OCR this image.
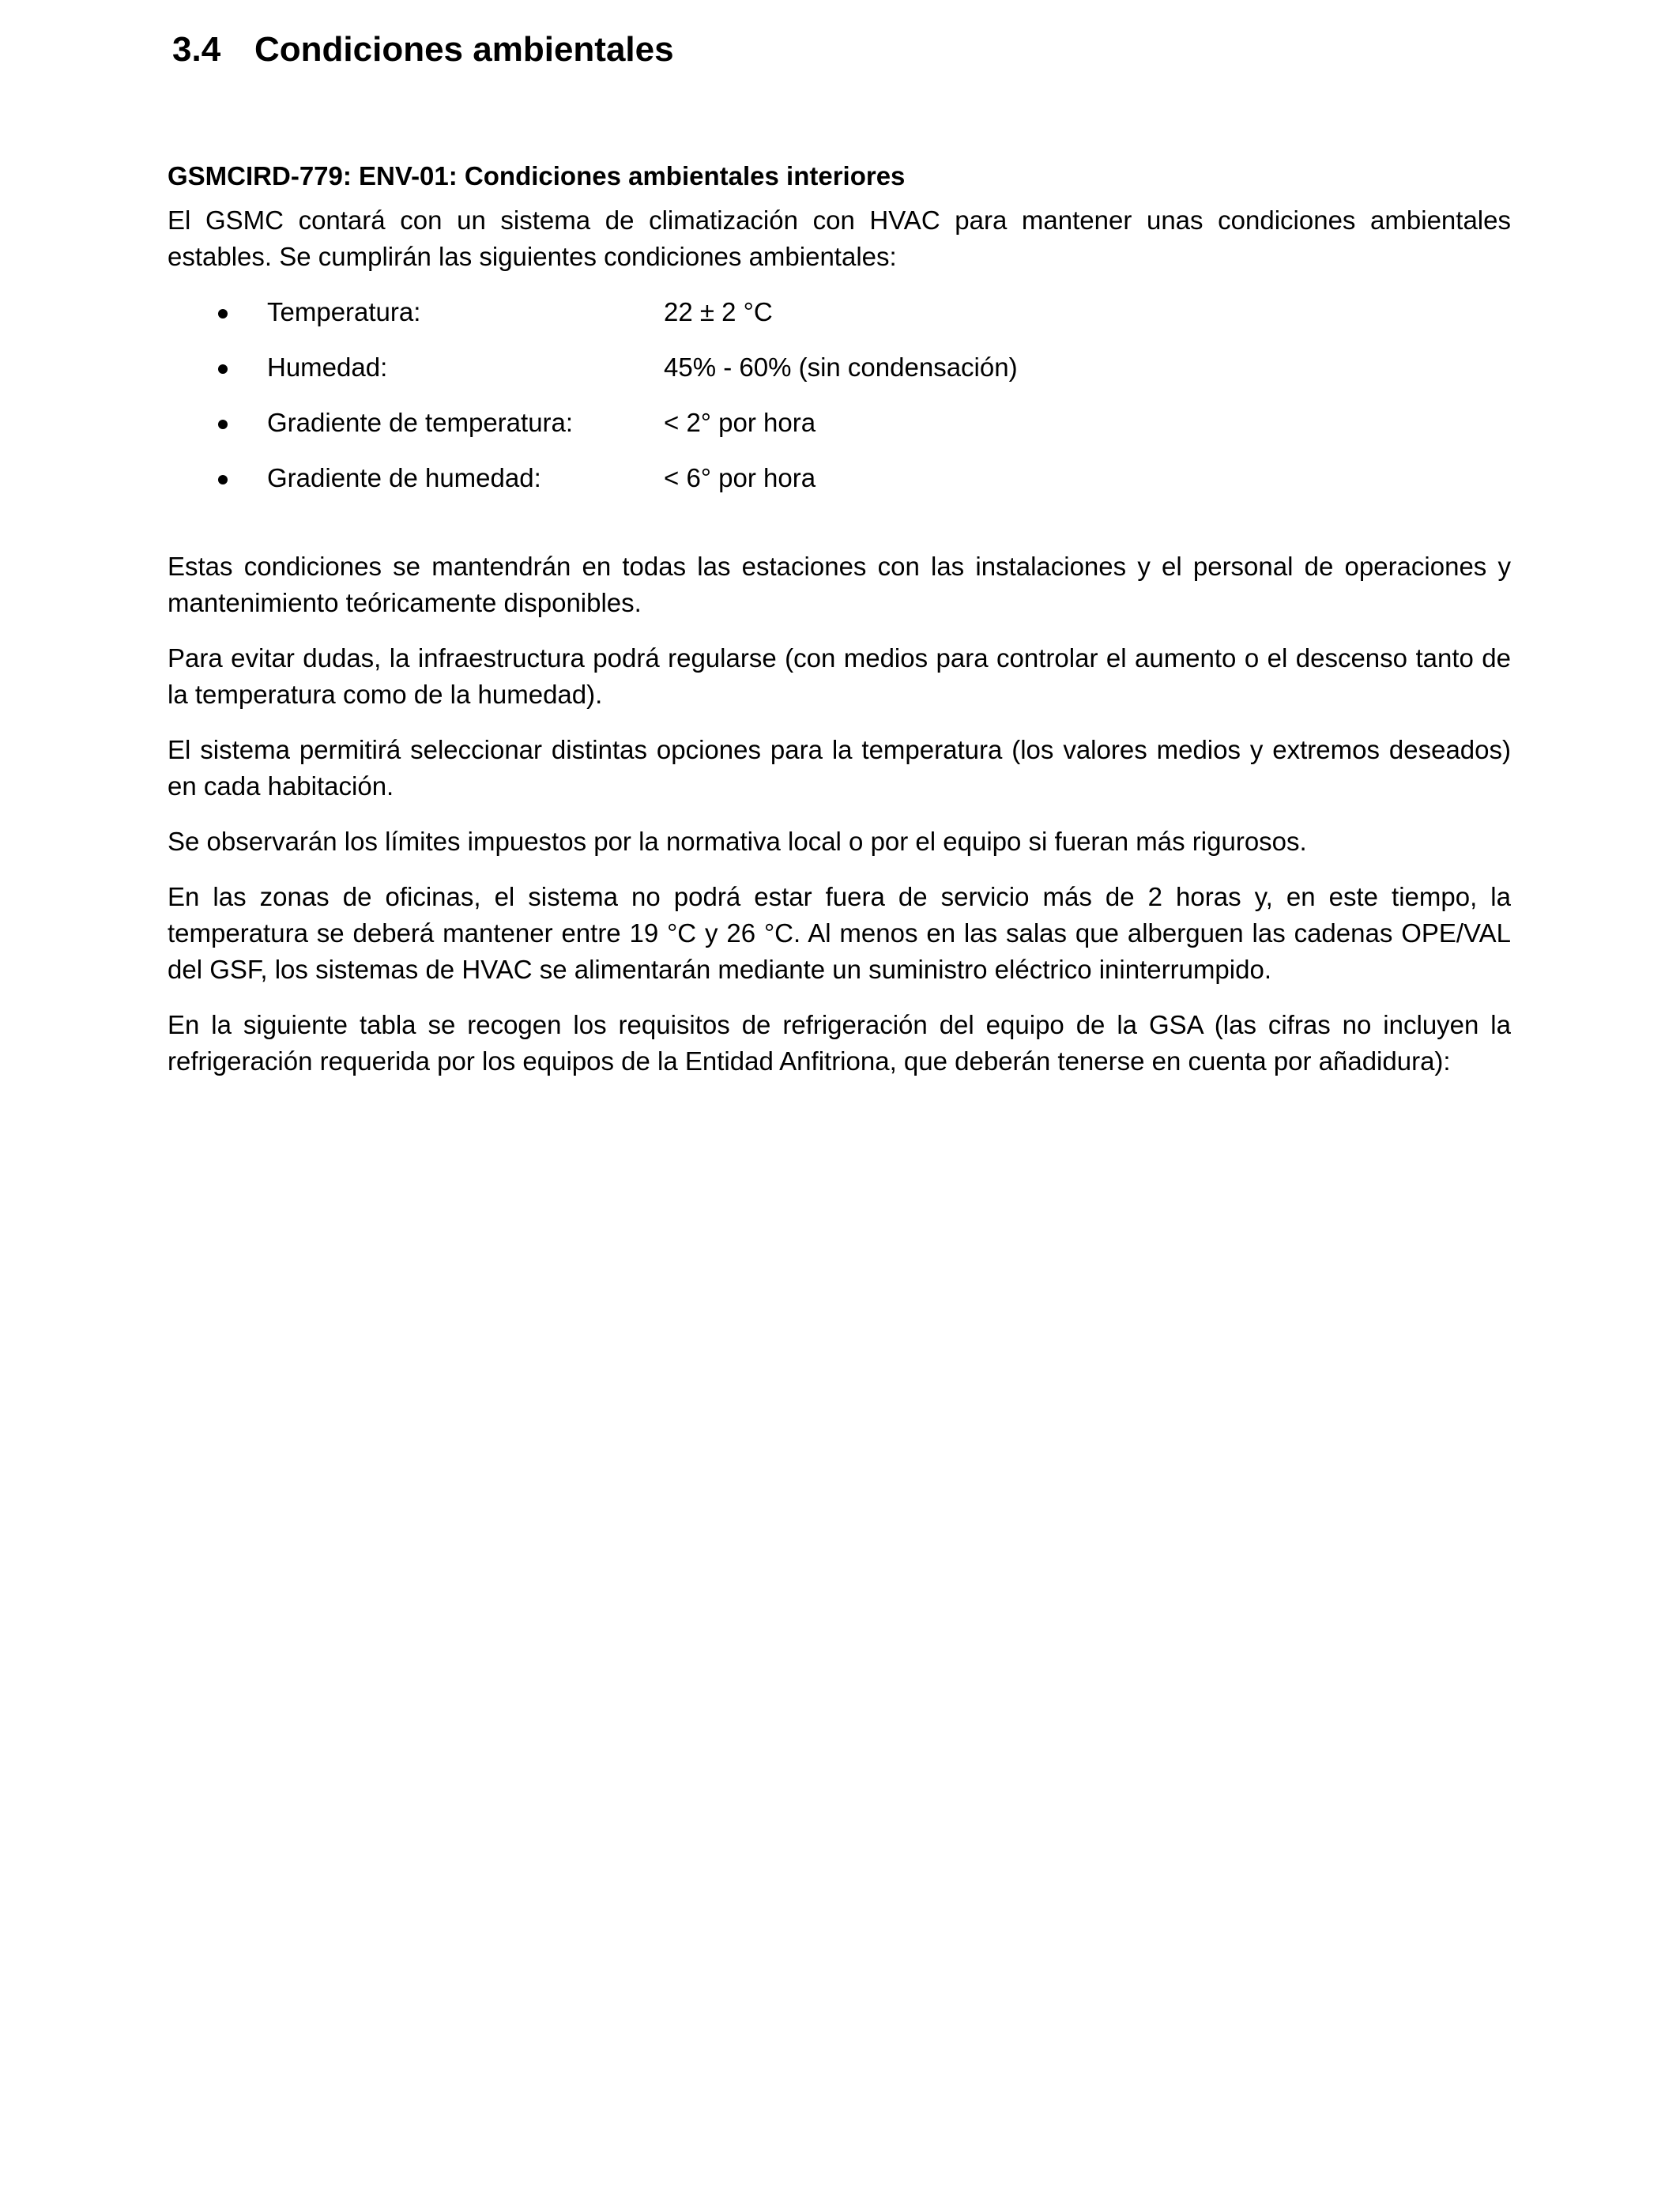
3.4 Condiciones ambientales
GSMCIRD-779: ENV-01: Condiciones ambientales interiores

El GSMC contará con un sistema de climatización con HVAC para mantener unas condiciones ambientales estables. Se cumplirán las siguientes condiciones ambientales:

Temperatura:	22 ± 2 °C
Humedad:	45% - 60% (sin condensación)
Gradiente de temperatura:	< 2° por hora
Gradiente de humedad:	< 6° por hora

Estas condiciones se mantendrán en todas las estaciones con las instalaciones y el personal de operaciones y mantenimiento teóricamente disponibles.

Para evitar dudas, la infraestructura podrá regularse (con medios para controlar el aumento o el descenso tanto de la temperatura como de la humedad).

El sistema permitirá seleccionar distintas opciones para la temperatura (los valores medios y extremos deseados) en cada habitación.

Se observarán los límites impuestos por la normativa local o por el equipo si fueran más rigurosos.

En las zonas de oficinas, el sistema no podrá estar fuera de servicio más de 2 horas y, en este tiempo, la temperatura se deberá mantener entre 19 °C y 26 °C. Al menos en las salas que alberguen las cadenas OPE/VAL del GSF, los sistemas de HVAC se alimentarán mediante un suministro eléctrico ininterrumpido.

En la siguiente tabla se recogen los requisitos de refrigeración del equipo de la GSA (las cifras no incluyen la refrigeración requerida por los equipos de la Entidad Anfitriona, que deberán tenerse en cuenta por añadidura):
